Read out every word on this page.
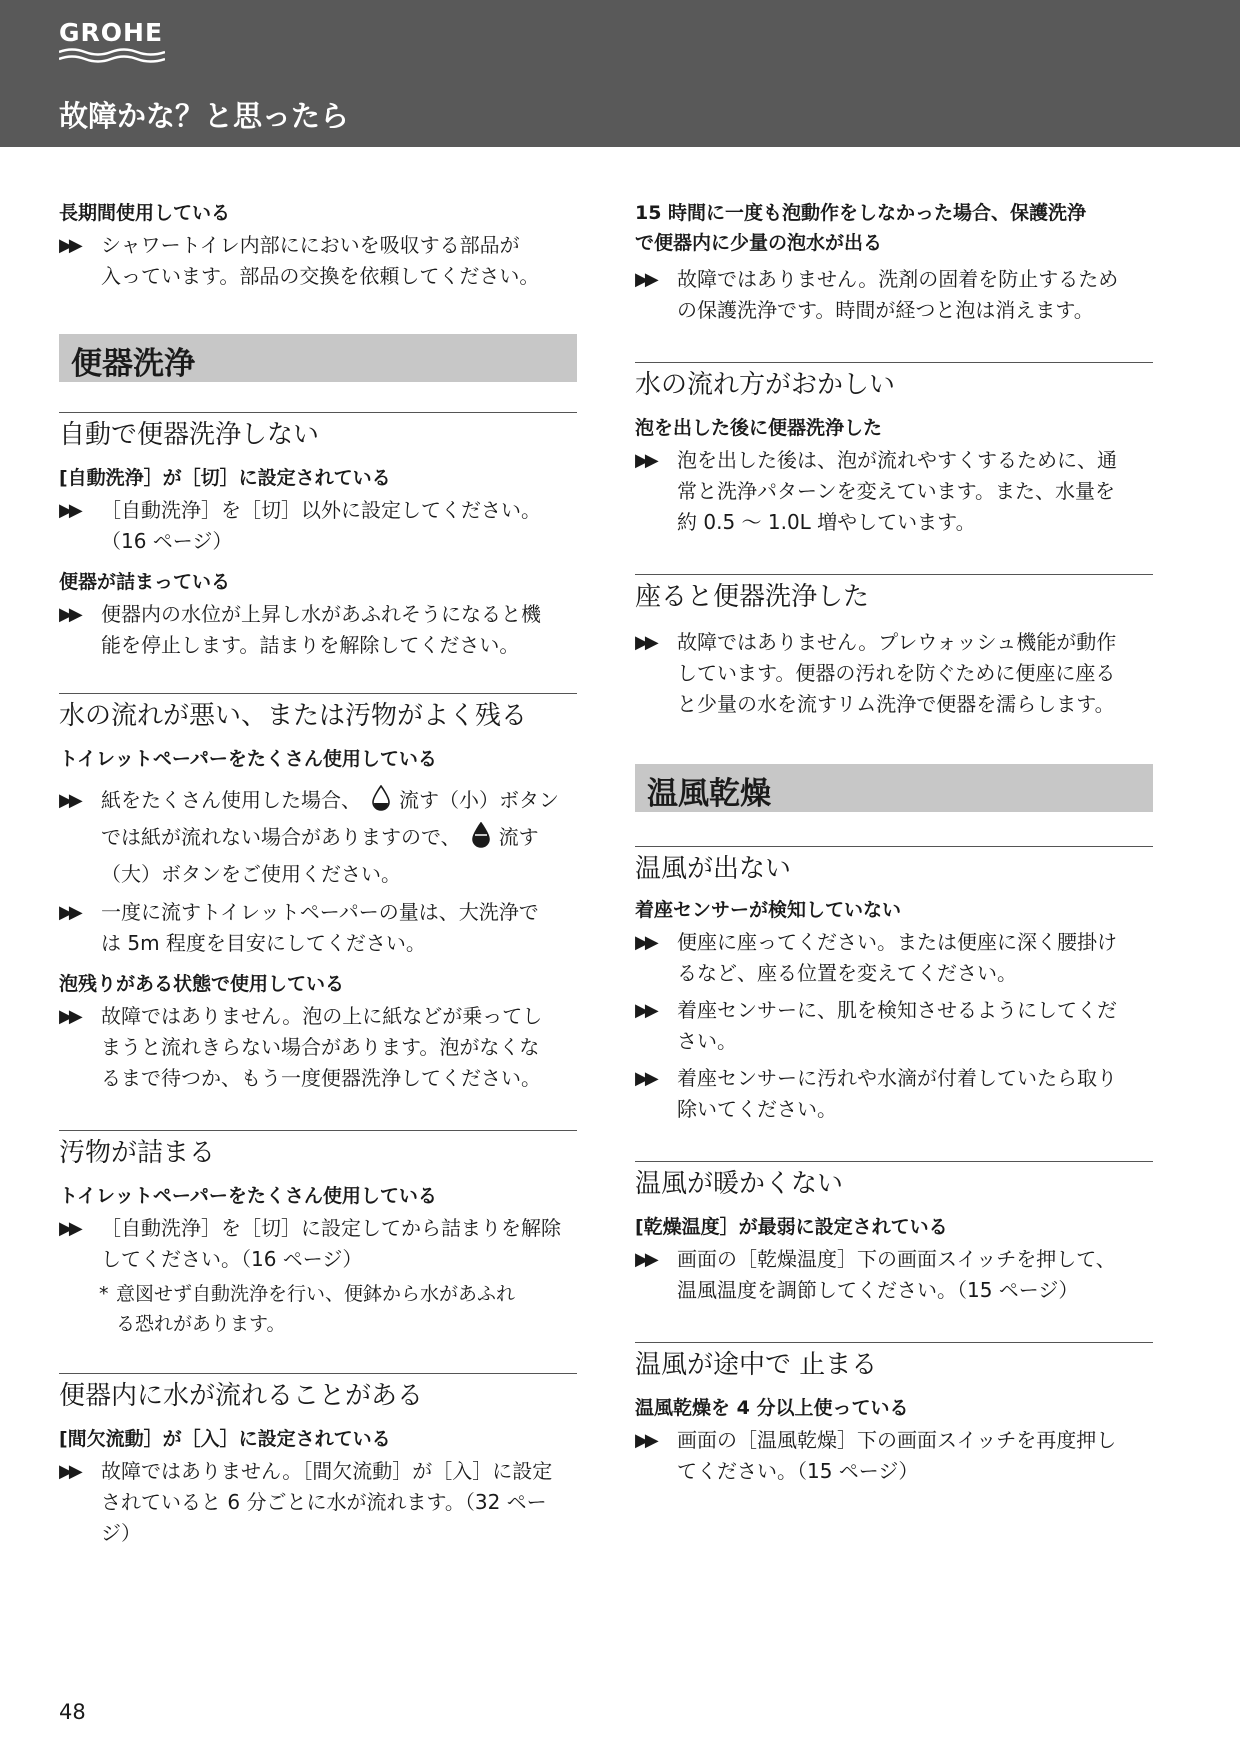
GROHE
故障かな？と思ったら

長期間使用している

▶▶ シャワートイレ内部ににおいを吸収する部品が
入っています。部品の交換を依頼してください。
便器洗浄

自動で便器洗浄しない

[自動洗浄］が［切］に設定されている

▶▶ ［自動洗浄］を［切］以外に設定してください。
（16 ページ）

便器が詰まっている

▶▶ 便器内の水位が上昇し水があふれそうになると機
能を停止します。詰まりを解除してください。

水の流れが悪い、または汚物がよく残る

トイレットペーパーをたくさん使用している

▶▶ 紙をたくさん使用した場合、 流す（小）ボタン
では紙が流れない場合がありますので、 流す
（大）ボタンをご使用ください。
▶▶ 一度に流すトイレットペーパーの量は、大洗浄で
は 5m 程度を目安にしてください。

泡残りがある状態で使用している

▶▶ 故障ではありません。泡の上に紙などが乗ってし
まうと流れきらない場合があります。泡がなくな
るまで待つか、もう一度便器洗浄してください。

汚物が詰まる

トイレットペーパーをたくさん使用している

▶▶ ［自動洗浄］を［切］に設定してから詰まりを解除
してください。（16 ページ）
* 意図せず自動洗浄を行い、便鉢から水があふれ
る恐れがあります。

便器内に水が流れることがある

[間欠流動］が［入］に設定されている

▶▶ 故障ではありません。［間欠流動］が［入］に設定
されていると 6 分ごとに水が流れます。（32 ペー
ジ）

15 時間に一度も泡動作をしなかった場合、保護洗浄
で便器内に少量の泡水が出る

▶▶ 故障ではありません。洗剤の固着を防止するため
の保護洗浄です。時間が経つと泡は消えます。

水の流れ方がおかしい

泡を出した後に便器洗浄した

▶▶ 泡を出した後は、泡が流れやすくするために、通
常と洗浄パターンを変えています。また、水量を
約 0.5 ～ 1.0L 増やしています。

座ると便器洗浄した

▶▶ 故障ではありません。プレウォッシュ機能が動作
しています。便器の汚れを防ぐために便座に座る
と少量の水を流すリム洗浄で便器を濡らします。
温風乾燥

温風が出ない

着座センサーが検知していない

▶▶ 便座に座ってください。または便座に深く腰掛け
るなど、座る位置を変えてください。
▶▶ 着座センサーに、肌を検知させるようにしてくだ
さい。
▶▶ 着座センサーに汚れや水滴が付着していたら取り
除いてください。

温風が暖かくない

[乾燥温度］が最弱に設定されている

▶▶ 画面の［乾燥温度］下の画面スイッチを押して、
温風温度を調節してください。（15 ページ）

温風が途中で 止まる

温風乾燥を 4 分以上使っている

▶▶ 画面の［温風乾燥］下の画面スイッチを再度押し
てください。（15 ページ）
48
